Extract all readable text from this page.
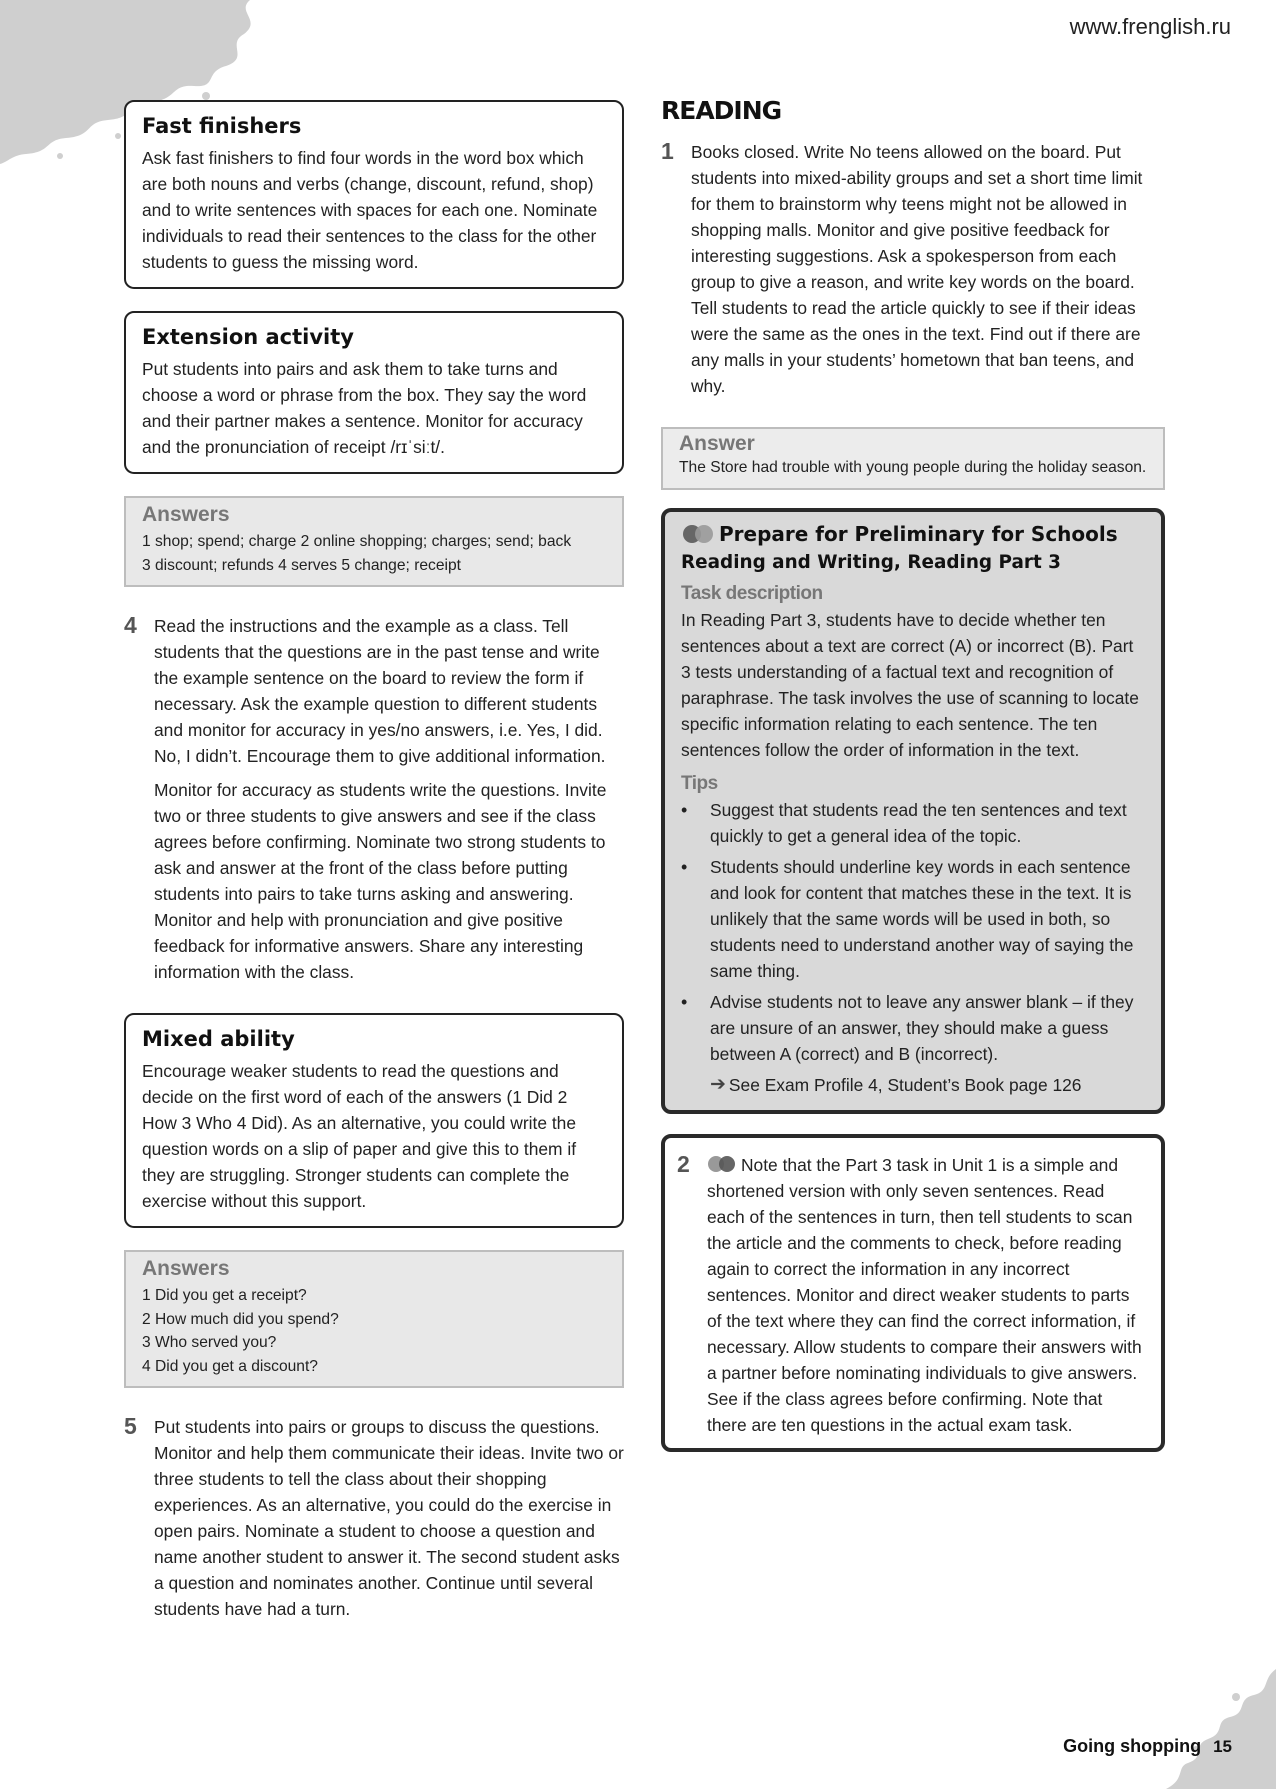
www.frenglish.ru

Fast finishers

Ask fast finishers to find four words in the word box which are both nouns and verbs (change, discount, refund, shop) and to write sentences with spaces for each one. Nominate individuals to read their sentences to the class for the other students to guess the missing word.

Extension activity

Put students into pairs and ask them to take turns and choose a word or phrase from the box. They say the word and their partner makes a sentence. Monitor for accuracy and the pronunciation of receipt /rɪˈsiːt/.

Answers

1 shop; spend; charge 2 online shopping; charges; send; back

3 discount; refunds 4 serves 5 change; receipt

4 Read the instructions and the example as a class. Tell students that the questions are in the past tense and write the example sentence on the board to review the form if necessary. Ask the example question to different students and monitor for accuracy in yes/no answers, i.e. Yes, I did. No, I didn’t. Encourage them to give additional information.

Monitor for accuracy as students write the questions. Invite two or three students to give answers and see if the class agrees before confirming. Nominate two strong students to ask and answer at the front of the class before putting students into pairs to take turns asking and answering. Monitor and help with pronunciation and give positive feedback for informative answers. Share any interesting information with the class.

Mixed ability

Encourage weaker students to read the questions and decide on the first word of each of the answers (1 Did 2 How 3 Who 4 Did). As an alternative, you could write the question words on a slip of paper and give this to them if they are struggling. Stronger students can complete the exercise without this support.

Answers

1 Did you get a receipt?

2 How much did you spend?

3 Who served you?

4 Did you get a discount?

5 Put students into pairs or groups to discuss the questions. Monitor and help them communicate their ideas. Invite two or three students to tell the class about their shopping experiences. As an alternative, you could do the exercise in open pairs. Nominate a student to choose a question and name another student to answer it. The second student asks a question and nominates another. Continue until several students have had a turn.

READING

1 Books closed. Write No teens allowed on the board. Put students into mixed-ability groups and set a short time limit for them to brainstorm why teens might not be allowed in shopping malls. Monitor and give positive feedback for interesting suggestions. Ask a spokesperson from each group to give a reason, and write key words on the board. Tell students to read the article quickly to see if their ideas were the same as the ones in the text. Find out if there are any malls in your students’ hometown that ban teens, and why.

Answer

The Store had trouble with young people during the holiday season.

Prepare for Preliminary for Schools

Reading and Writing, Reading Part 3

Task description

In Reading Part 3, students have to decide whether ten sentences about a text are correct (A) or incorrect (B). Part 3 tests understanding of a factual text and recognition of paraphrase. The task involves the use of scanning to locate specific information relating to each sentence. The ten sentences follow the order of information in the text.

Tips

• Suggest that students read the ten sentences and text quickly to get a general idea of the topic.
• Students should underline key words in each sentence and look for content that matches these in the text. It is unlikely that the same words will be used in both, so students need to understand another way of saying the same thing.
• Advise students not to leave any answer blank – if they are unsure of an answer, they should make a guess between A (correct) and B (incorrect).
➔ See Exam Profile 4, Student’s Book page 126
2	Note that the Part 3 task in Unit 1 is a simple and shortened version with only seven sentences. Read each of the sentences in turn, then tell students to scan the article and the comments to check, before reading again to correct the information in any incorrect sentences. Monitor and direct weaker students to parts of the text where they can find the correct information, if necessary. Allow students to compare their answers with a partner before nominating individuals to give answers. See if the class agrees before confirming. Note that there are ten questions in the actual exam task.

Going shopping 15
